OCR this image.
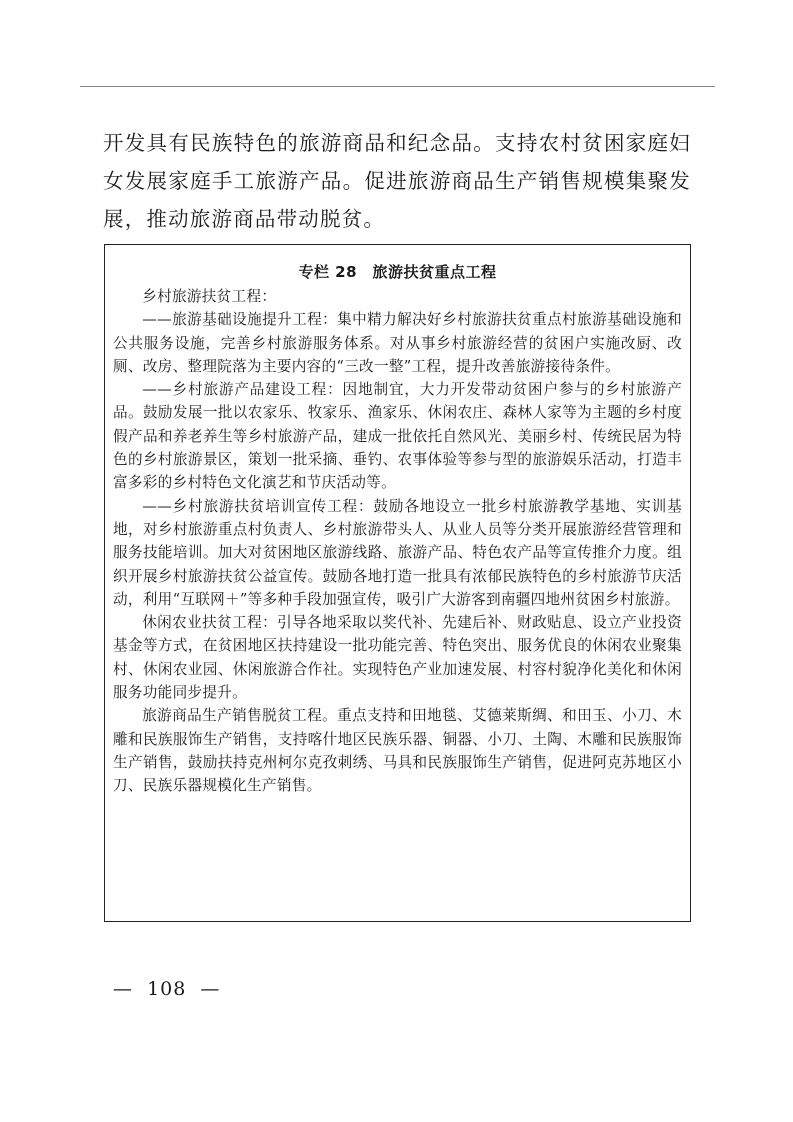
开发具有民族特色的旅游商品和纪念品。支持农村贫困家庭妇女发展家庭手工旅游产品。促进旅游商品生产销售规模集聚发展，推动旅游商品带动脱贫。

专栏 28　旅游扶贫重点工程

乡村旅游扶贫工程：

——旅游基础设施提升工程：集中精力解决好乡村旅游扶贫重点村旅游基础设施和公共服务设施，完善乡村旅游服务体系。对从事乡村旅游经营的贫困户实施改厨、改厕、改房、整理院落为主要内容的“三改一整”工程，提升改善旅游接待条件。

——乡村旅游产品建设工程：因地制宜，大力开发带动贫困户参与的乡村旅游产品。鼓励发展一批以农家乐、牧家乐、渔家乐、休闲农庄、森林人家等为主题的乡村度假产品和养老养生等乡村旅游产品，建成一批依托自然风光、美丽乡村、传统民居为特色的乡村旅游景区，策划一批采摘、垂钓、农事体验等参与型的旅游娱乐活动，打造丰富多彩的乡村特色文化演艺和节庆活动等。

——乡村旅游扶贫培训宣传工程：鼓励各地设立一批乡村旅游教学基地、实训基地，对乡村旅游重点村负责人、乡村旅游带头人、从业人员等分类开展旅游经营管理和服务技能培训。加大对贫困地区旅游线路、旅游产品、特色农产品等宣传推介力度。组织开展乡村旅游扶贫公益宣传。鼓励各地打造一批具有浓郁民族特色的乡村旅游节庆活动，利用“互联网＋”等多种手段加强宣传，吸引广大游客到南疆四地州贫困乡村旅游。

休闲农业扶贫工程：引导各地采取以奖代补、先建后补、财政贴息、设立产业投资基金等方式，在贫困地区扶持建设一批功能完善、特色突出、服务优良的休闲农业聚集村、休闲农业园、休闲旅游合作社。实现特色产业加速发展、村容村貌净化美化和休闲服务功能同步提升。

旅游商品生产销售脱贫工程。重点支持和田地毯、艾德莱斯绸、和田玉、小刀、木雕和民族服饰生产销售，支持喀什地区民族乐器、铜器、小刀、土陶、木雕和民族服饰生产销售，鼓励扶持克州柯尔克孜刺绣、马具和民族服饰生产销售，促进阿克苏地区小刀、民族乐器规模化生产销售。

—  108  —
